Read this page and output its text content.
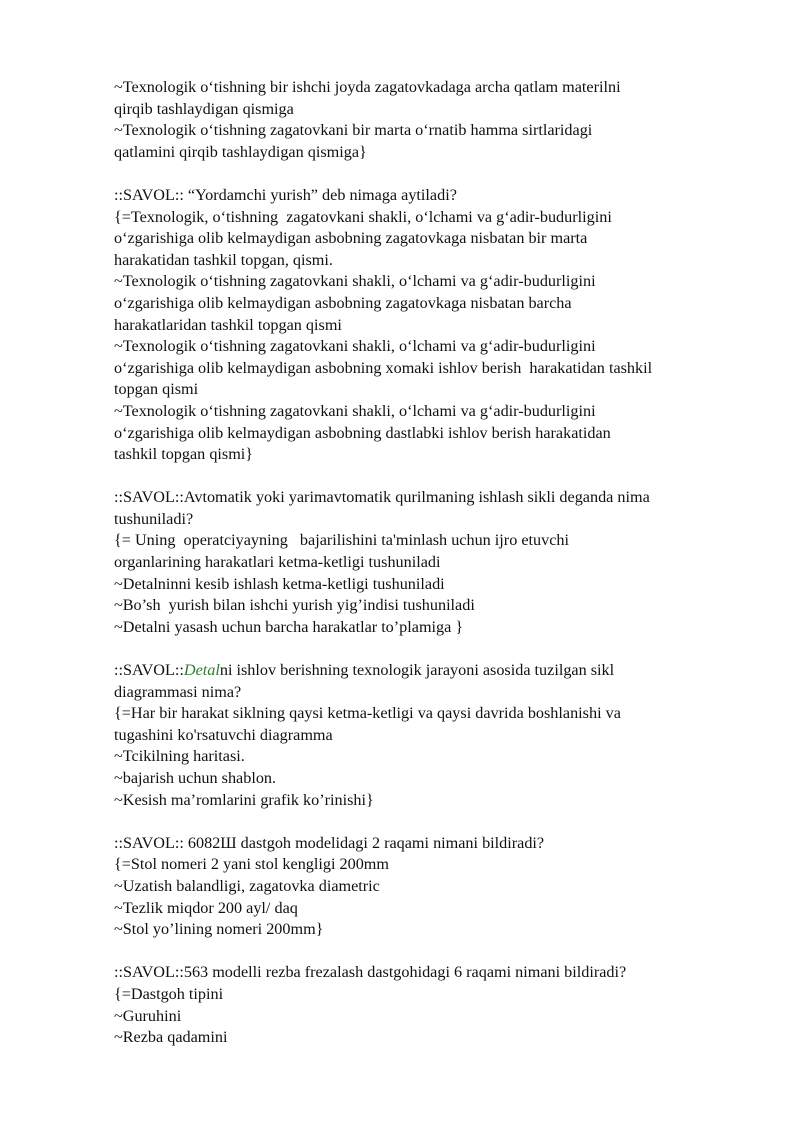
~Texnologik o‘tishning bir ishchi joyda zagatovkadaga archa qatlam materilni
qirqib tashlaydigan qismiga
~Texnologik o‘tishning zagatovkani bir marta o‘rnatib hamma sirtlaridagi
qatlamini qirqib tashlaydigan qismiga}
::SAVOL:: “Yordamchi yurish” deb nimaga aytiladi?
{=Texnologik, o‘tishning  zagatovkani shakli, o‘lchami va g‘adir-budurligini
o‘zgarishiga olib kelmaydigan asbobning zagatovkaga nisbatan bir marta
harakatidan tashkil topgan, qismi.
~Texnologik o‘tishning zagatovkani shakli, o‘lchami va g‘adir-budurligini
o‘zgarishiga olib kelmaydigan asbobning zagatovkaga nisbatan barcha
harakatlaridan tashkil topgan qismi
~Texnologik o‘tishning zagatovkani shakli, o‘lchami va g‘adir-budurligini
o‘zgarishiga olib kelmaydigan asbobning xomaki ishlov berish  harakatidan tashkil
topgan qismi
~Texnologik o‘tishning zagatovkani shakli, o‘lchami va g‘adir-budurligini
o‘zgarishiga olib kelmaydigan asbobning dastlabki ishlov berish harakatidan
tashkil topgan qismi}
::SAVOL::Avtomatik yoki yarimavtomatik qurilmaning ishlash sikli deganda nima
tushuniladi?
{= Uning  operatciyayning   bajarilishini ta'minlash uchun ijro etuvchi
organlarining harakatlari ketma-ketligi tushuniladi
~Detalninni kesib ishlash ketma-ketligi tushuniladi
~Bo’sh  yurish bilan ishchi yurish yig’indisi tushuniladi
~Detalni yasash uchun barcha harakatlar to’plamiga }
::SAVOL::Detalni ishlov berishning texnologik jarayoni asosida tuzilgan sikl
diagrammasi nima?
{=Har bir harakat siklning qaysi ketma-ketligi va qaysi davrida boshlanishi va
tugashini ko'rsatuvchi diagramma
~Tcikilning haritasi.
~bajarish uchun shablon.
~Kesish ma’romlarini grafik ko’rinishi}
::SAVOL:: 6082Ш dastgoh modelidagi 2 raqami nimani bildiradi?
{=Stol nomeri 2 yani stol kengligi 200mm
~Uzatish balandligi, zagatovka diametric
~Tezlik miqdor 200 ayl/ daq
~Stol yo’lining nomeri 200mm}
::SAVOL::563 modelli rezba frezalash dastgohidagi 6 raqami nimani bildiradi?
{=Dastgoh tipini
~Guruhini
~Rezba qadamini
